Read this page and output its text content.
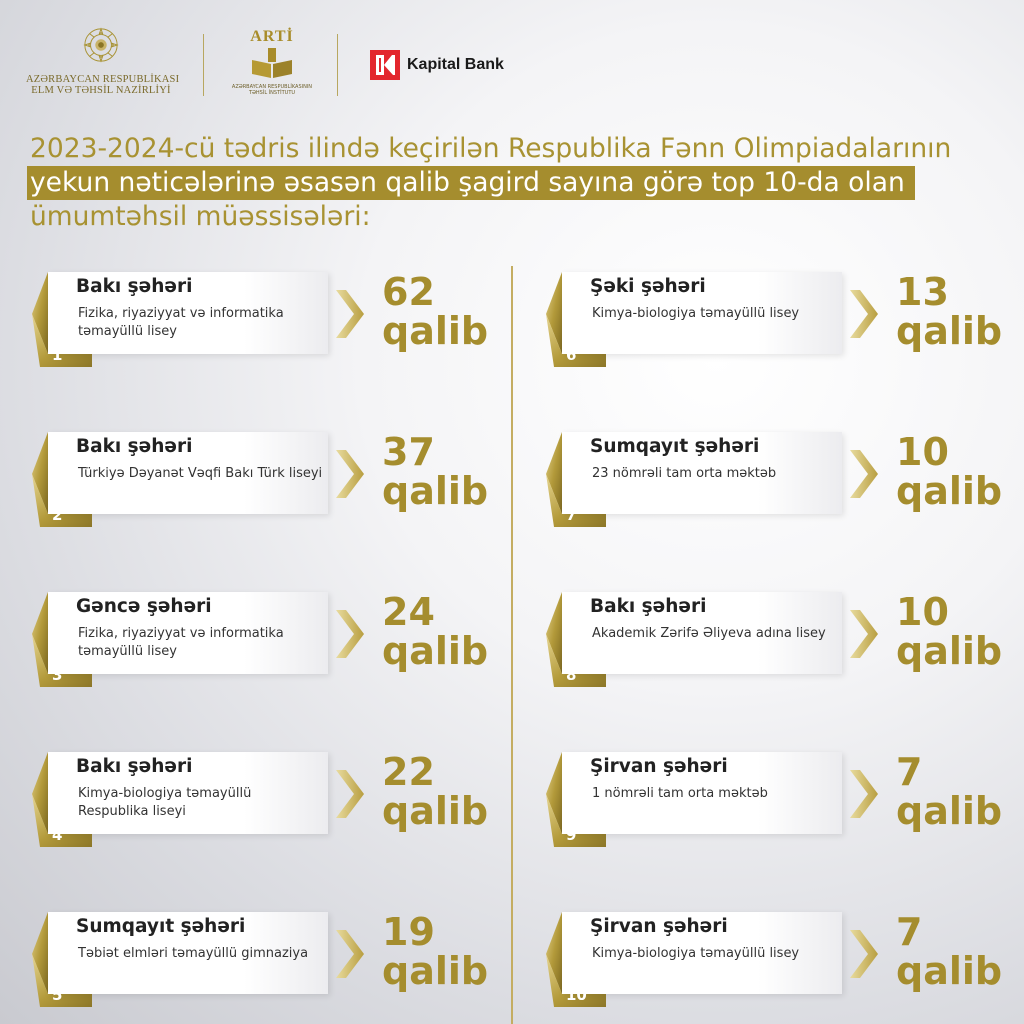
AZƏRBAYCAN RESPUBLİKASI
ELM VƏ TƏHSİL NAZİRLİYİ
ARTİ
AZƏRBAYCAN RESPUBLİKASININ
TƏHSİL İNSTİTUTU
Kapital Bank
2023-2024-cü tədris ilində keçirilən Respublika Fənn Olimpiadalarının
yekun nəticələrinə əsasən qalib şagird sayına görə top 10-da olan
ümumtəhsil müəssisələri:
Bakı şəhəri
Fizika, riyaziyyat və informatika təmayüllü lisey
1
62
qalib
Bakı şəhəri
Türkiyə Dəyanət Vəqfi Bakı Türk liseyi
2
37
qalib
Gəncə şəhəri
Fizika, riyaziyyat və informatika təmayüllü lisey
3
24
qalib
Bakı şəhəri
Kimya-biologiya təmayüllü Respublika liseyi
4
22
qalib
Sumqayıt şəhəri
Təbiət elmləri təmayüllü gimnaziya
5
19
qalib
Şəki şəhəri
Kimya-biologiya təmayüllü lisey
6
13
qalib
Sumqayıt şəhəri
23 nömrəli tam orta məktəb
7
10
qalib
Bakı şəhəri
Akademik Zərifə Əliyeva adına lisey
8
10
qalib
Şirvan şəhəri
1 nömrəli tam orta məktəb
9
7
qalib
Şirvan şəhəri
Kimya-biologiya təmayüllü lisey
10
7
qalib
